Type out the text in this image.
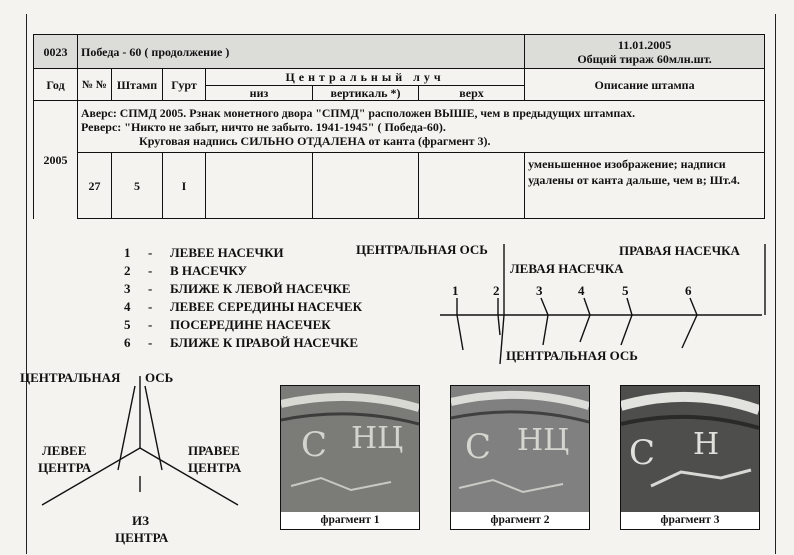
0023	Победа - 60 ( продолжение )						11.01.2005
Общий тираж 60млн.шт.

Год	№ №	Штамп	Гурт	Центральный луч			Описание штампа
				низ	вертикаль *)	верх	
2005	Аверс: СПМД 2005. Рзнак монетного двора "СПМД" расположен ВЫШЕ, чем в предыдущих штампах.
Реверс: "Никто не забыт, ничто не забыто. 1941-1945" ( Победа-60).
Круговая надпись СИЛЬНО ОТДАЛЕНА от канта (фрагмент 3).						

	27	5	I				уменьшенное изображение; надписи удалены от канта дальше, чем в; Шт.4.
1 - ЛЕВЕЕ НАСЕЧКИ
2 - В НАСЕЧКУ
3 - БЛИЖЕ К ЛЕВОЙ НАСЕЧКЕ
4 - ЛЕВЕЕ СЕРЕДИНЫ НАСЕЧЕК
5 - ПОСЕРЕДИНЕ НАСЕЧЕК
6 - БЛИЖЕ К ПРАВОЙ НАСЕЧКЕ
ЦЕНТРАЛЬНАЯ ОСЬ	ПРАВАЯ НАСЕЧКА
ЛЕВАЯ НАСЕЧКА
ЦЕНТРАЛЬНАЯ ОСЬ
1	2	3	4	5	6
ЦЕНТРАЛЬНАЯ ОСЬ
ЛЕВЕЕ
ЦЕНТРА
ПРАВЕЕ
ЦЕНТРА
ИЗ
ЦЕНТРА
С НЦ
фрагмент 1
С НЦ
фрагмент 2
С Н
фрагмент 3
